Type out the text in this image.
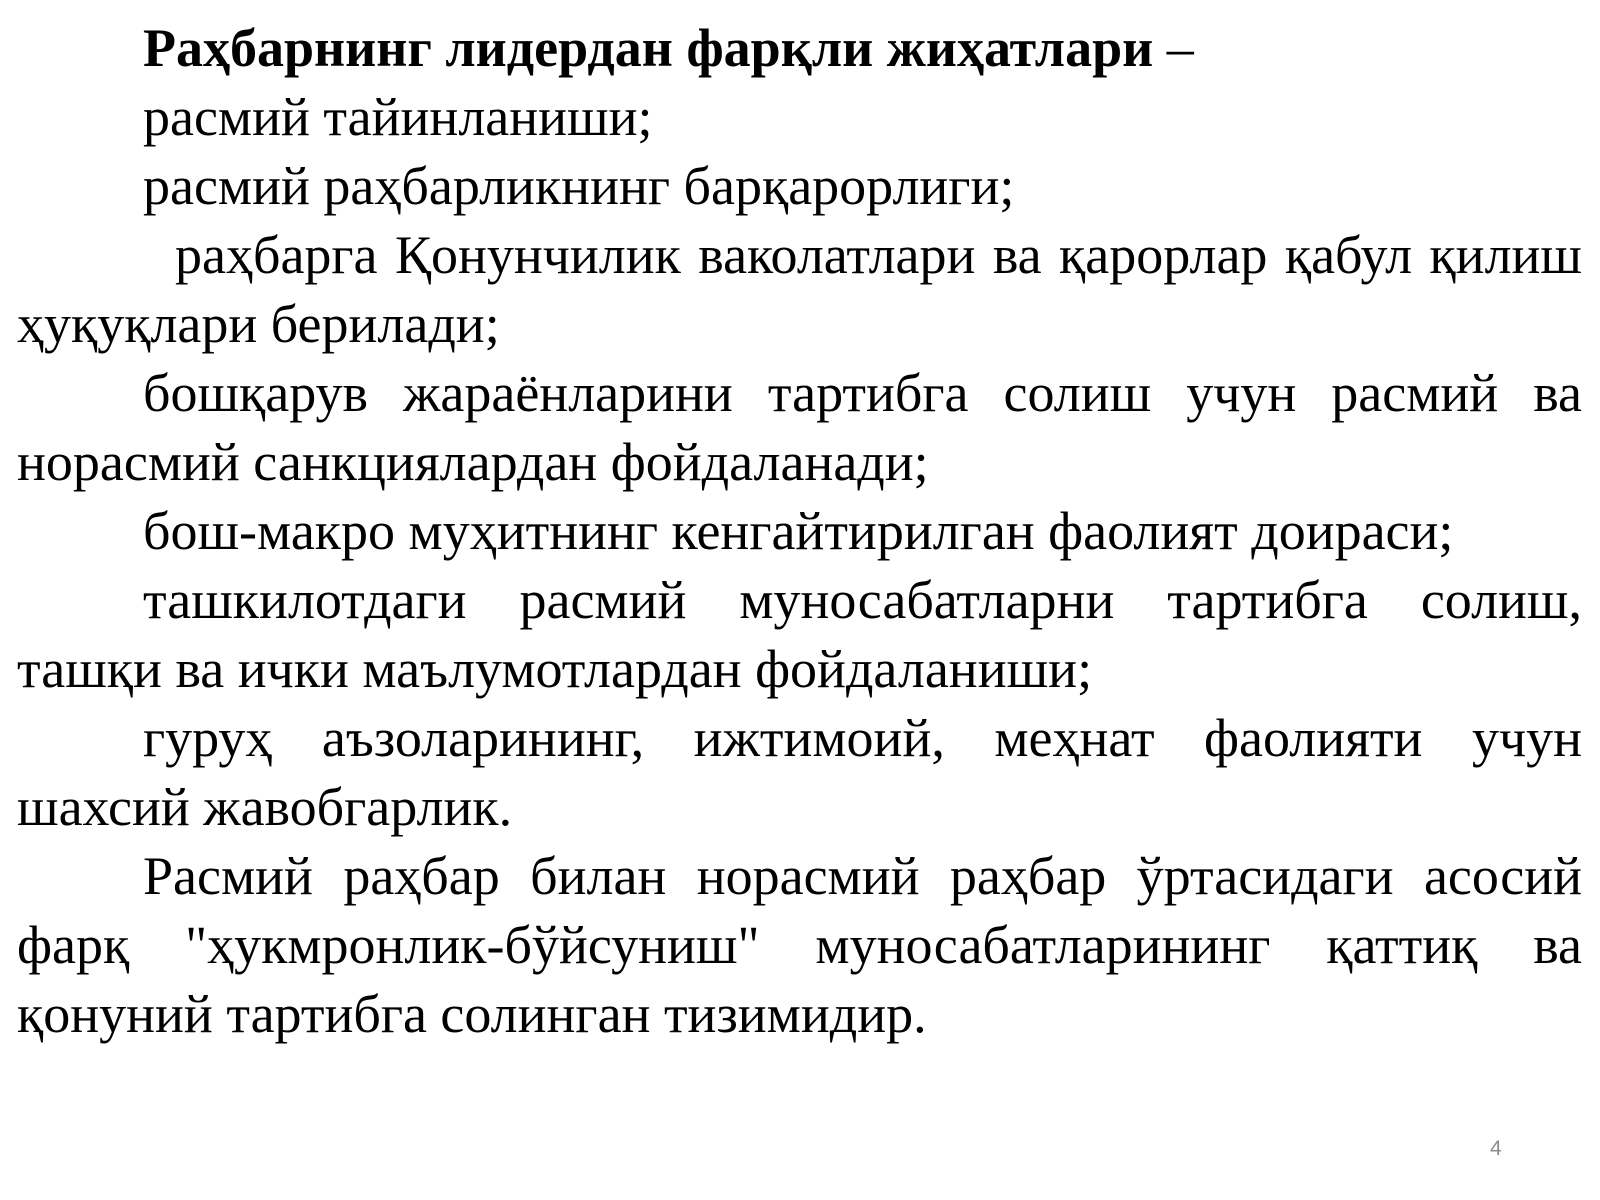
Раҳбарнинг лидердан фарқли жиҳатлари –

расмий тайинланиши;

расмий раҳбарликнинг барқарорлиги;

раҳбарга Қонунчилик ваколатлари ва қарорлар қабул қилиш ҳуқуқлари берилади;

бошқарув жараёнларини тартибга солиш учун расмий ва норасмий санкциялардан фойдаланади;

бош-макро муҳитнинг кенгайтирилган фаолият доираси;

ташкилотдаги расмий муносабатларни тартибга солиш, ташқи ва ички маълумотлардан фойдаланиши;

гуруҳ аъзоларининг, ижтимоий, меҳнат фаолияти учун шахсий жавобгарлик.

Расмий раҳбар билан норасмий раҳбар ўртасидаги асосий фарқ "ҳукмронлик-бўйсуниш" муносабатларининг қаттиқ ва қонуний тартибга солинган тизимидир.

4
